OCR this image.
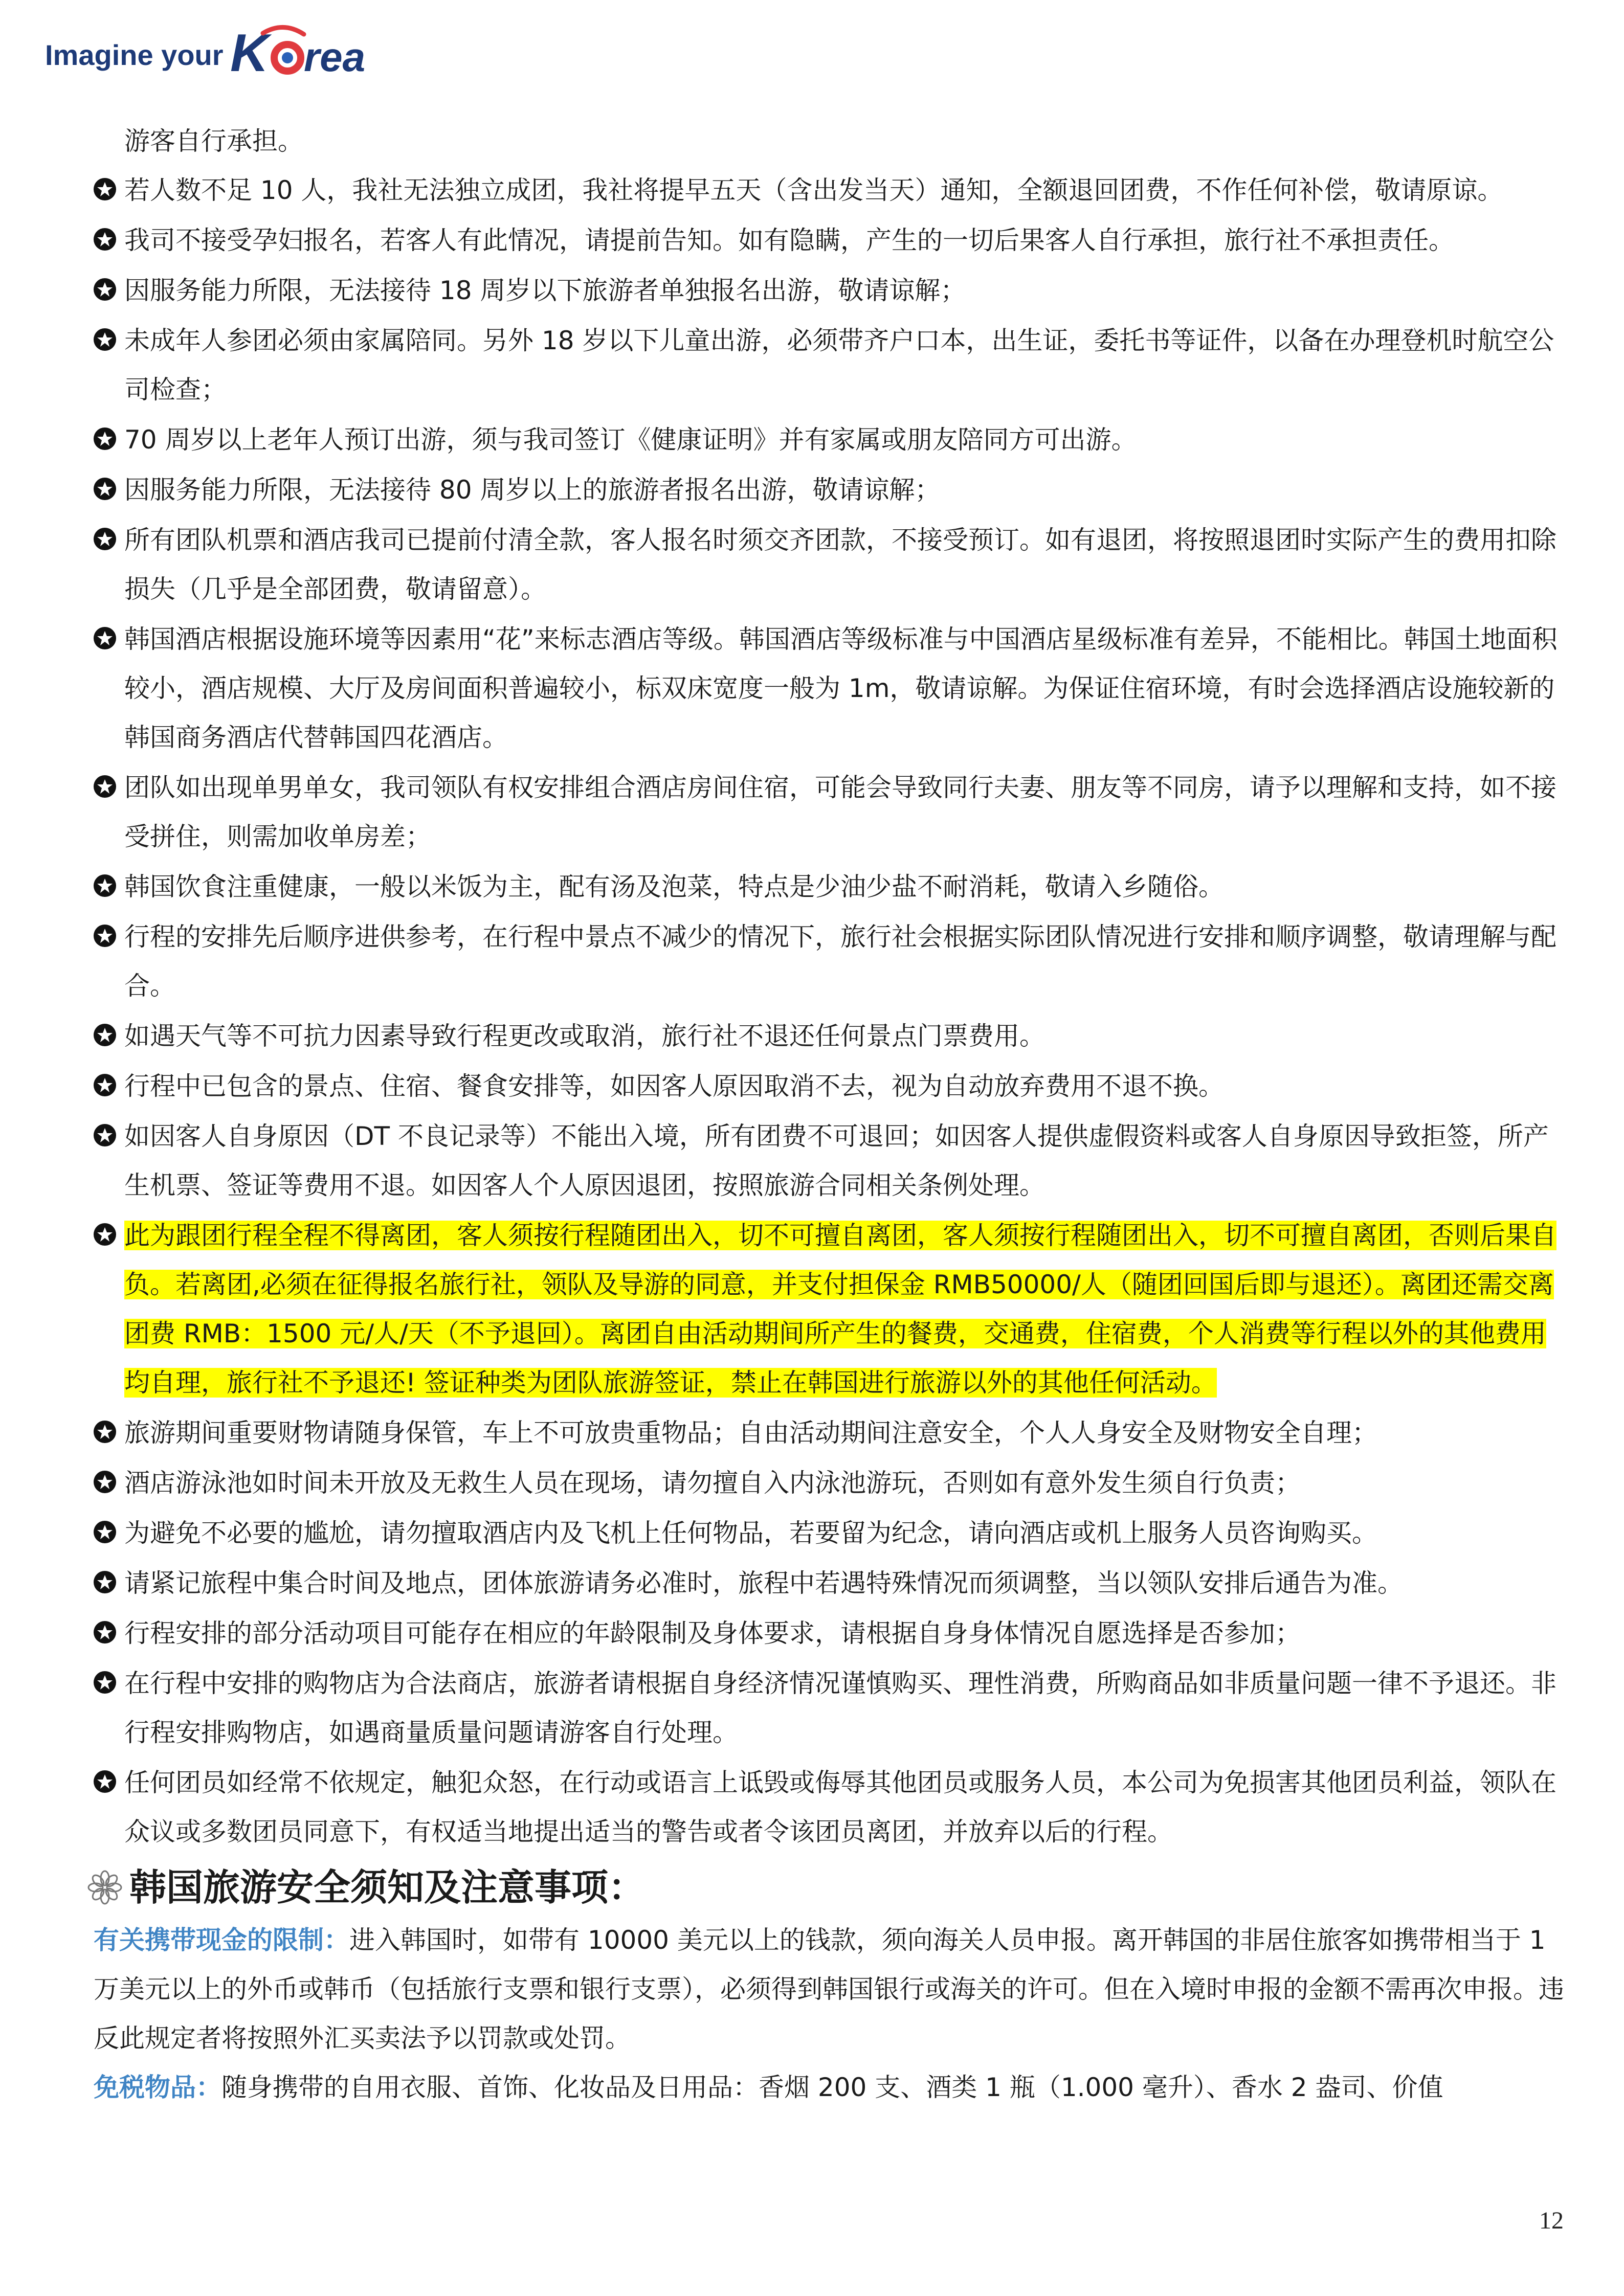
Imagine your K rea
游客自行承担。
若人数不足 10 人，我社无法独立成团，我社将提早五天（含出发当天）通知，全额退回团费，不作任何补偿，敬请原谅。
我司不接受孕妇报名，若客人有此情况，请提前告知。如有隐瞒，产生的一切后果客人自行承担，旅行社不承担责任。
因服务能力所限，无法接待 18 周岁以下旅游者单独报名出游，敬请谅解；
未成年人参团必须由家属陪同。另外 18 岁以下儿童出游，必须带齐户口本，出生证，委托书等证件，以备在办理登机时航空公司检查；
70 周岁以上老年人预订出游，须与我司签订《健康证明》并有家属或朋友陪同方可出游。
因服务能力所限，无法接待 80 周岁以上的旅游者报名出游，敬请谅解；
所有团队机票和酒店我司已提前付清全款，客人报名时须交齐团款，不接受预订。如有退团，将按照退团时实际产生的费用扣除损失（几乎是全部团费，敬请留意）。
韩国酒店根据设施环境等因素用“花”来标志酒店等级。韩国酒店等级标准与中国酒店星级标准有差异，不能相比。韩国土地面积较小，酒店规模、大厅及房间面积普遍较小，标双床宽度一般为 1m，敬请谅解。为保证住宿环境，有时会选择酒店设施较新的韩国商务酒店代替韩国四花酒店。
团队如出现单男单女，我司领队有权安排组合酒店房间住宿，可能会导致同行夫妻、朋友等不同房，请予以理解和支持，如不接受拼住，则需加收单房差；
韩国饮食注重健康，一般以米饭为主，配有汤及泡菜，特点是少油少盐不耐消耗，敬请入乡随俗。
行程的安排先后顺序进供参考，在行程中景点不减少的情况下，旅行社会根据实际团队情况进行安排和顺序调整，敬请理解与配合。
如遇天气等不可抗力因素导致行程更改或取消，旅行社不退还任何景点门票费用。
行程中已包含的景点、住宿、餐食安排等，如因客人原因取消不去，视为自动放弃费用不退不换。
如因客人自身原因（DT 不良记录等）不能出入境，所有团费不可退回；如因客人提供虚假资料或客人自身原因导致拒签，所产生机票、签证等费用不退。如因客人个人原因退团，按照旅游合同相关条例处理。
此为跟团行程全程不得离团，客人须按行程随团出入，切不可擅自离团，客人须按行程随团出入，切不可擅自离团，否则后果自负。若离团,必须在征得报名旅行社，领队及导游的同意，并支付担保金 RMB50000/人（随团回国后即与退还）。离团还需交离团费 RMB：1500 元/人/天（不予退回）。离团自由活动期间所产生的餐费，交通费，住宿费，个人消费等行程以外的其他费用均自理，旅行社不予退还! 签证种类为团队旅游签证，禁止在韩国进行旅游以外的其他任何活动。
旅游期间重要财物请随身保管，车上不可放贵重物品；自由活动期间注意安全，个人人身安全及财物安全自理；
酒店游泳池如时间未开放及无救生人员在现场，请勿擅自入内泳池游玩，否则如有意外发生须自行负责；
为避免不必要的尴尬，请勿擅取酒店内及飞机上任何物品，若要留为纪念，请向酒店或机上服务人员咨询购买。
请紧记旅程中集合时间及地点，团体旅游请务必准时，旅程中若遇特殊情况而须调整，当以领队安排后通告为准。
行程安排的部分活动项目可能存在相应的年龄限制及身体要求，请根据自身身体情况自愿选择是否参加；
在行程中安排的购物店为合法商店，旅游者请根据自身经济情况谨慎购买、理性消费，所购商品如非质量问题一律不予退还。非行程安排购物店，如遇商量质量问题请游客自行处理。
任何团员如经常不依规定，触犯众怒，在行动或语言上诋毁或侮辱其他团员或服务人员，本公司为免损害其他团员利益，领队在众议或多数团员同意下，有权适当地提出适当的警告或者令该团员离团，并放弃以后的行程。
韩国旅游安全须知及注意事项：
有关携带现金的限制：进入韩国时，如带有 10000 美元以上的钱款，须向海关人员申报。离开韩国的非居住旅客如携带相当于 1 万美元以上的外币或韩币（包括旅行支票和银行支票），必须得到韩国银行或海关的许可。但在入境时申报的金额不需再次申报。违反此规定者将按照外汇买卖法予以罚款或处罚。
免税物品：随身携带的自用衣服、首饰、化妆品及日用品：香烟 200 支、酒类 1 瓶（1.000 毫升）、香水 2 盎司、价值
12
